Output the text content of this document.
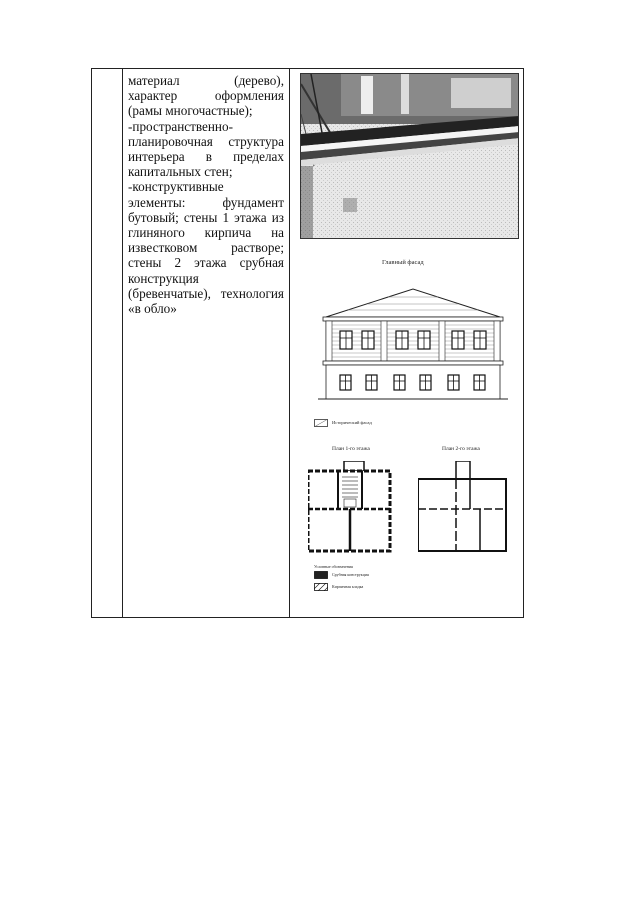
материал (дерево),
характер оформления
(рамы многочастные);
-пространственно-
планировочная структура
интерьера в пределах
капитальных стен;
-конструктивные
элементы: фундамент
бутовый; стены 1 этажа из
глиняного кирпича на
известковом растворе;
стены 2 этажа срубная
конструкция
(бревенчатые), технология
«в обло»
Главный фасад
Исторический фасад
План 1-го этажа	План 2-го этажа
Условные обозначения
Срубная конструкция
Кирпичная кладка
